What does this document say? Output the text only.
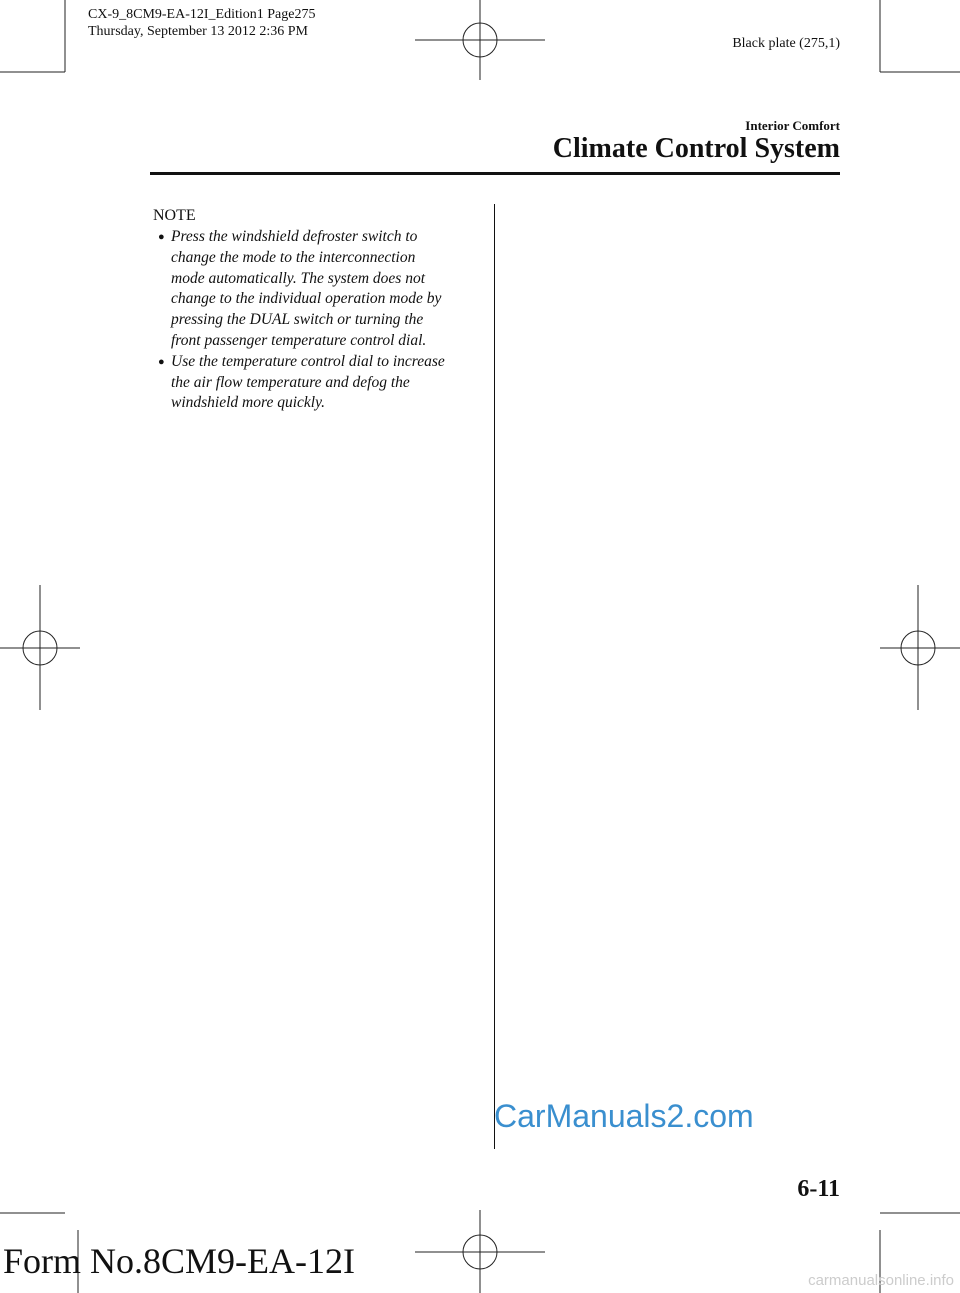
CX-9_8CM9-EA-12I_Edition1 Page275
Thursday, September 13 2012 2:36 PM
Black plate (275,1)
Interior Comfort
Climate Control System
NOTE
● Press the windshield defroster switch to
change the mode to the interconnection
mode automatically. The system does not
change to the individual operation mode by
pressing the DUAL switch or turning the
front passenger temperature control dial.
● Use the temperature control dial to increase
the air flow temperature and defog the
windshield more quickly.
CarManuals2.com
6-11
Form No.8CM9-EA-12I	carmanualsonline.info
